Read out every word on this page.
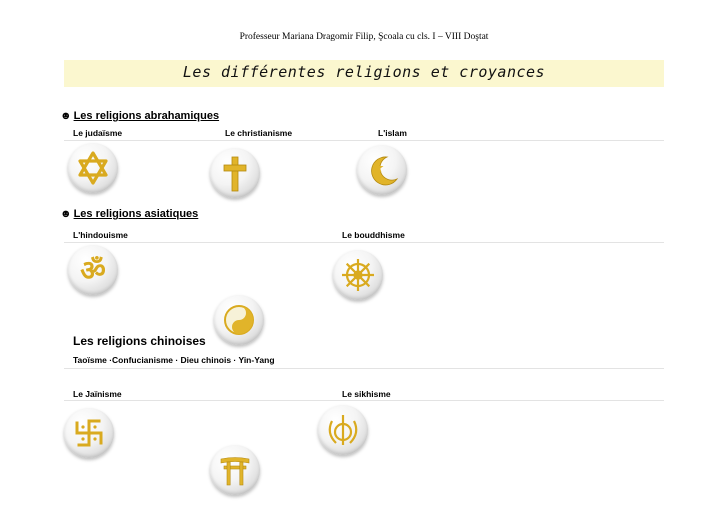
Professeur Mariana Dragomir Filip, Şcoala cu cls. I – VIII Doştat
Les différentes religions et croyances
☻ Les religions abrahamiques
Le judaïsme	Le christianisme	L'islam
☻ Les religions asiatiques
L'hindouisme	Le bouddhisme
ॐ
Les religions chinoises
Taoïsme ·Confucianisme · Dieu chinois · Yin-Yang
Le Jaïnisme	Le sikhisme
